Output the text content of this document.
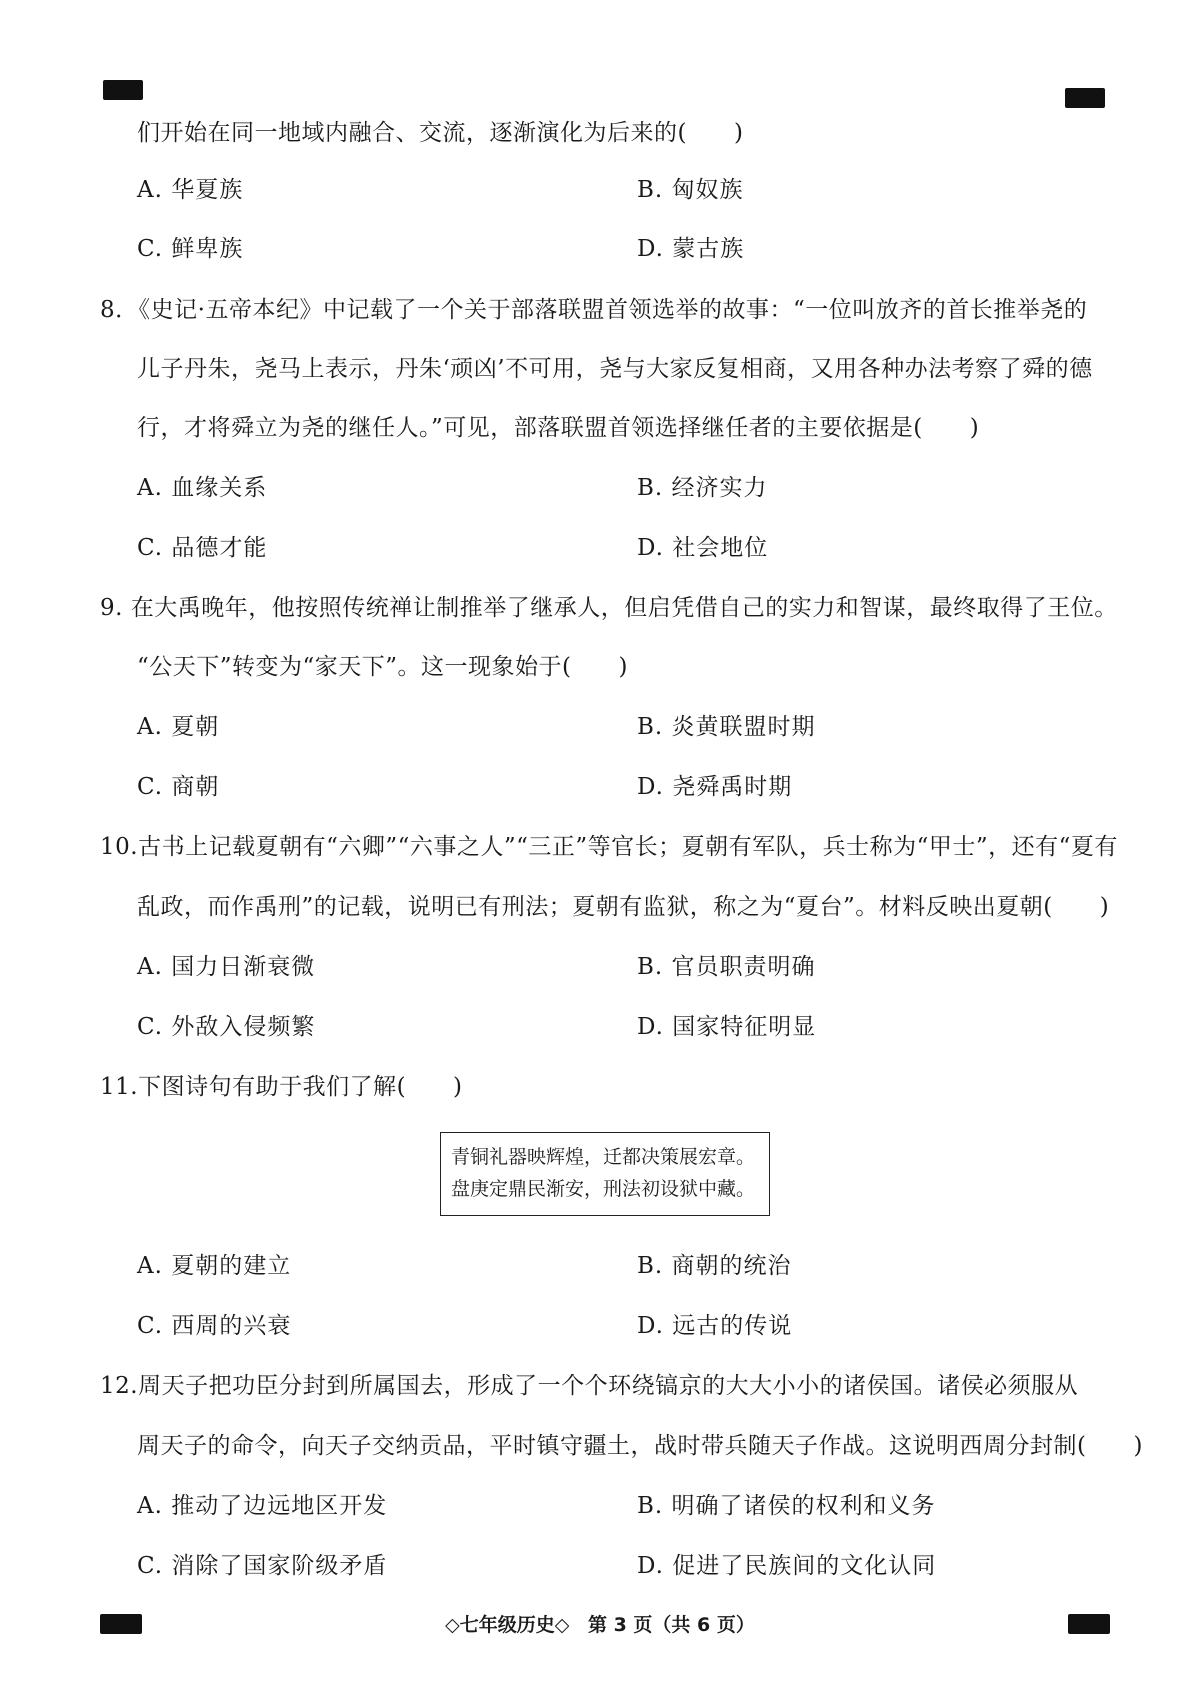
们开始在同一地域内融合、交流，逐渐演化为后来的(　　)
A. 华夏族	B. 匈奴族
C. 鲜卑族	D. 蒙古族
8．《史记·五帝本纪》中记载了一个关于部落联盟首领选举的故事：“一位叫放齐的首长推举尧的
儿子丹朱，尧马上表示，丹朱‘顽凶’不可用，尧与大家反复相商，又用各种办法考察了舜的德
行，才将舜立为尧的继任人。”可见，部落联盟首领选择继任者的主要依据是(　　)
A. 血缘关系	B. 经济实力
C. 品德才能	D. 社会地位
9. 在大禹晚年，他按照传统禅让制推举了继承人，但启凭借自己的实力和智谋，最终取得了王位。
“公天下”转变为“家天下”。这一现象始于(　　)
A. 夏朝	B. 炎黄联盟时期
C. 商朝	D. 尧舜禹时期
10.古书上记载夏朝有“六卿”“六事之人”“三正”等官长；夏朝有军队，兵士称为“甲士”，还有“夏有
乱政，而作禹刑”的记载，说明已有刑法；夏朝有监狱，称之为“夏台”。材料反映出夏朝(　　)
A. 国力日渐衰微	B. 官员职责明确
C. 外敌入侵频繁	D. 国家特征明显
11.下图诗句有助于我们了解(　　)
青铜礼器映辉煌，迁都决策展宏章。
盘庚定鼎民渐安，刑法初设狱中藏。
A. 夏朝的建立	B. 商朝的统治
C. 西周的兴衰	D. 远古的传说
12.周天子把功臣分封到所属国去，形成了一个个环绕镐京的大大小小的诸侯国。诸侯必须服从
周天子的命令，向天子交纳贡品，平时镇守疆土，战时带兵随天子作战。这说明西周分封制(　　)
A. 推动了边远地区开发	B. 明确了诸侯的权利和义务
C. 消除了国家阶级矛盾	D. 促进了民族间的文化认同
◇七年级历史◇ 第 3 页（共 6 页）
